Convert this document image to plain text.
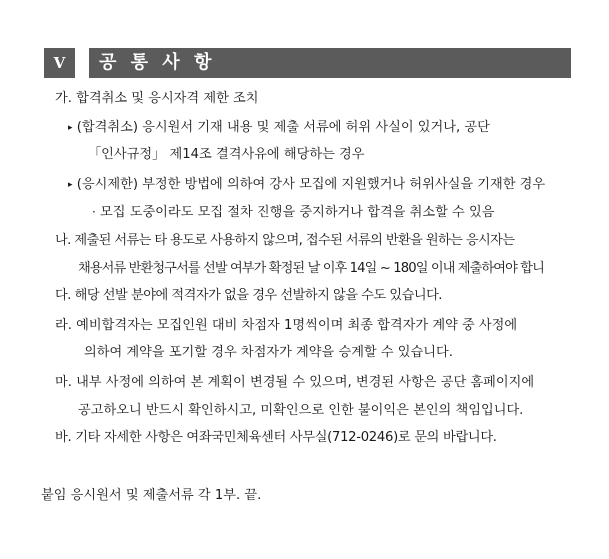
V	공 통 사 항
가. 합격취소 및 응시자격 제한 조치
▸ (합격취소) 응시원서 기재 내용 및 제출 서류에 허위 사실이 있거나, 공단
「인사규정」 제14조 결격사유에 해당하는 경우
▸ (응시제한) 부정한 방법에 의하여 강사 모집에 지원했거나 허위사실을 기재한 경우
· 모집 도중이라도 모집 절차 진행을 중지하거나 합격을 취소할 수 있음
나. 제출된 서류는 타 용도로 사용하지 않으며, 접수된 서류의 반환을 원하는 응시자는
채용서류 반환청구서를 선발 여부가 확정된 날 이후 14일 ~ 180일 이내 제출하여야 합니
다. 해당 선발 분야에 적격자가 없을 경우 선발하지 않을 수도 있습니다.
라. 예비합격자는 모집인원 대비 차점자 1명씩이며 최종 합격자가 계약 중 사정에
의하여 계약을 포기할 경우 차점자가 계약을 승계할 수 있습니다.
마. 내부 사정에 의하여 본 계획이 변경될 수 있으며, 변경된 사항은 공단 홈페이지에
공고하오니 반드시 확인하시고, 미확인으로 인한 불이익은 본인의 책임입니다.
바. 기타 자세한 사항은 여좌국민체육센터 사무실(712-0246)로 문의 바랍니다.
붙임 응시원서 및 제출서류 각 1부. 끝.
